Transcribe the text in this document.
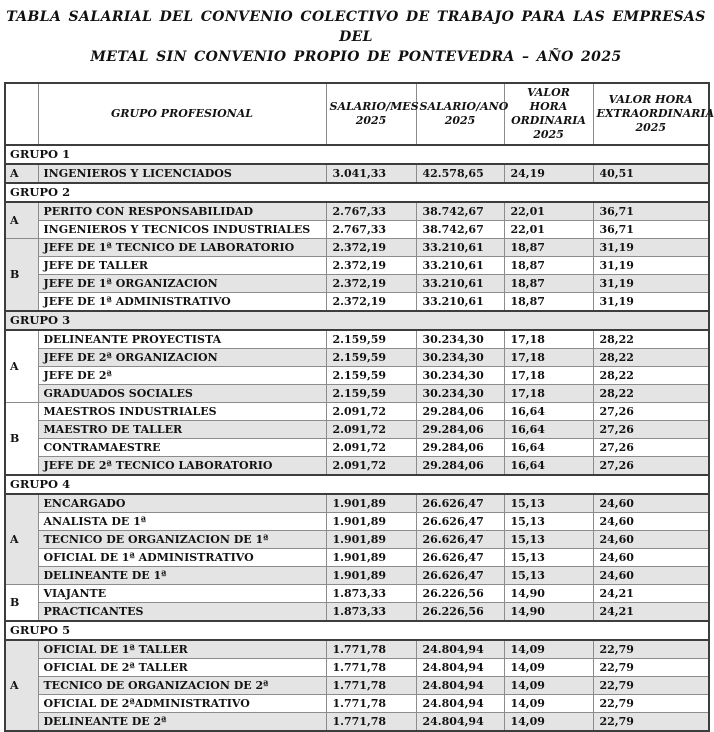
TABLA SALARIAL DEL CONVENIO COLECTIVO DE TRABAJO PARA LAS EMPRESAS DEL
METAL SIN CONVENIO PROPIO DE PONTEVEDRA – AÑO 2025
	GRUPO PROFESIONAL	SALARIO/MES 2025	SALARIO/ANO 2025	VALOR HORA ORDINARIA 2025	VALOR HORA EXTRAORDINARIA 2025
GRUPO 1					
A	INGENIEROS Y LICENCIADOS	3.041,33	42.578,65	24,19	40,51
GRUPO 2					
A	PERITO CON RESPONSABILIDAD	2.767,33	38.742,67	22,01	36,71
	INGENIEROS Y TECNICOS INDUSTRIALES	2.767,33	38.742,67	22,01	36,71
B	JEFE DE 1ª TECNICO DE LABORATORIO	2.372,19	33.210,61	18,87	31,19
	JEFE DE TALLER	2.372,19	33.210,61	18,87	31,19
	JEFE DE 1ª ORGANIZACION	2.372,19	33.210,61	18,87	31,19
	JEFE DE 1ª ADMINISTRATIVO	2.372,19	33.210,61	18,87	31,19
GRUPO 3					
A	DELINEANTE PROYECTISTA	2.159,59	30.234,30	17,18	28,22
	JEFE DE 2ª ORGANIZACION	2.159,59	30.234,30	17,18	28,22
	JEFE DE 2ª	2.159,59	30.234,30	17,18	28,22
	GRADUADOS SOCIALES	2.159,59	30.234,30	17,18	28,22
B	MAESTROS INDUSTRIALES	2.091,72	29.284,06	16,64	27,26
	MAESTRO DE TALLER	2.091,72	29.284,06	16,64	27,26
	CONTRAMAESTRE	2.091,72	29.284,06	16,64	27,26
	JEFE DE 2ª TECNICO LABORATORIO	2.091,72	29.284,06	16,64	27,26
GRUPO 4					
A	ENCARGADO	1.901,89	26.626,47	15,13	24,60
	ANALISTA DE 1ª	1.901,89	26.626,47	15,13	24,60
	TECNICO DE ORGANIZACION DE 1ª	1.901,89	26.626,47	15,13	24,60
	OFICIAL DE 1ª ADMINISTRATIVO	1.901,89	26.626,47	15,13	24,60
	DELINEANTE DE 1ª	1.901,89	26.626,47	15,13	24,60
B	VIAJANTE	1.873,33	26.226,56	14,90	24,21
	PRACTICANTES	1.873,33	26.226,56	14,90	24,21
GRUPO 5					
A	OFICIAL DE 1ª TALLER	1.771,78	24.804,94	14,09	22,79
	OFICIAL DE 2ª TALLER	1.771,78	24.804,94	14,09	22,79
	TECNICO DE ORGANIZACION DE 2ª	1.771,78	24.804,94	14,09	22,79
	OFICIAL DE 2ªADMINISTRATIVO	1.771,78	24.804,94	14,09	22,79
	DELINEANTE DE 2ª	1.771,78	24.804,94	14,09	22,79
